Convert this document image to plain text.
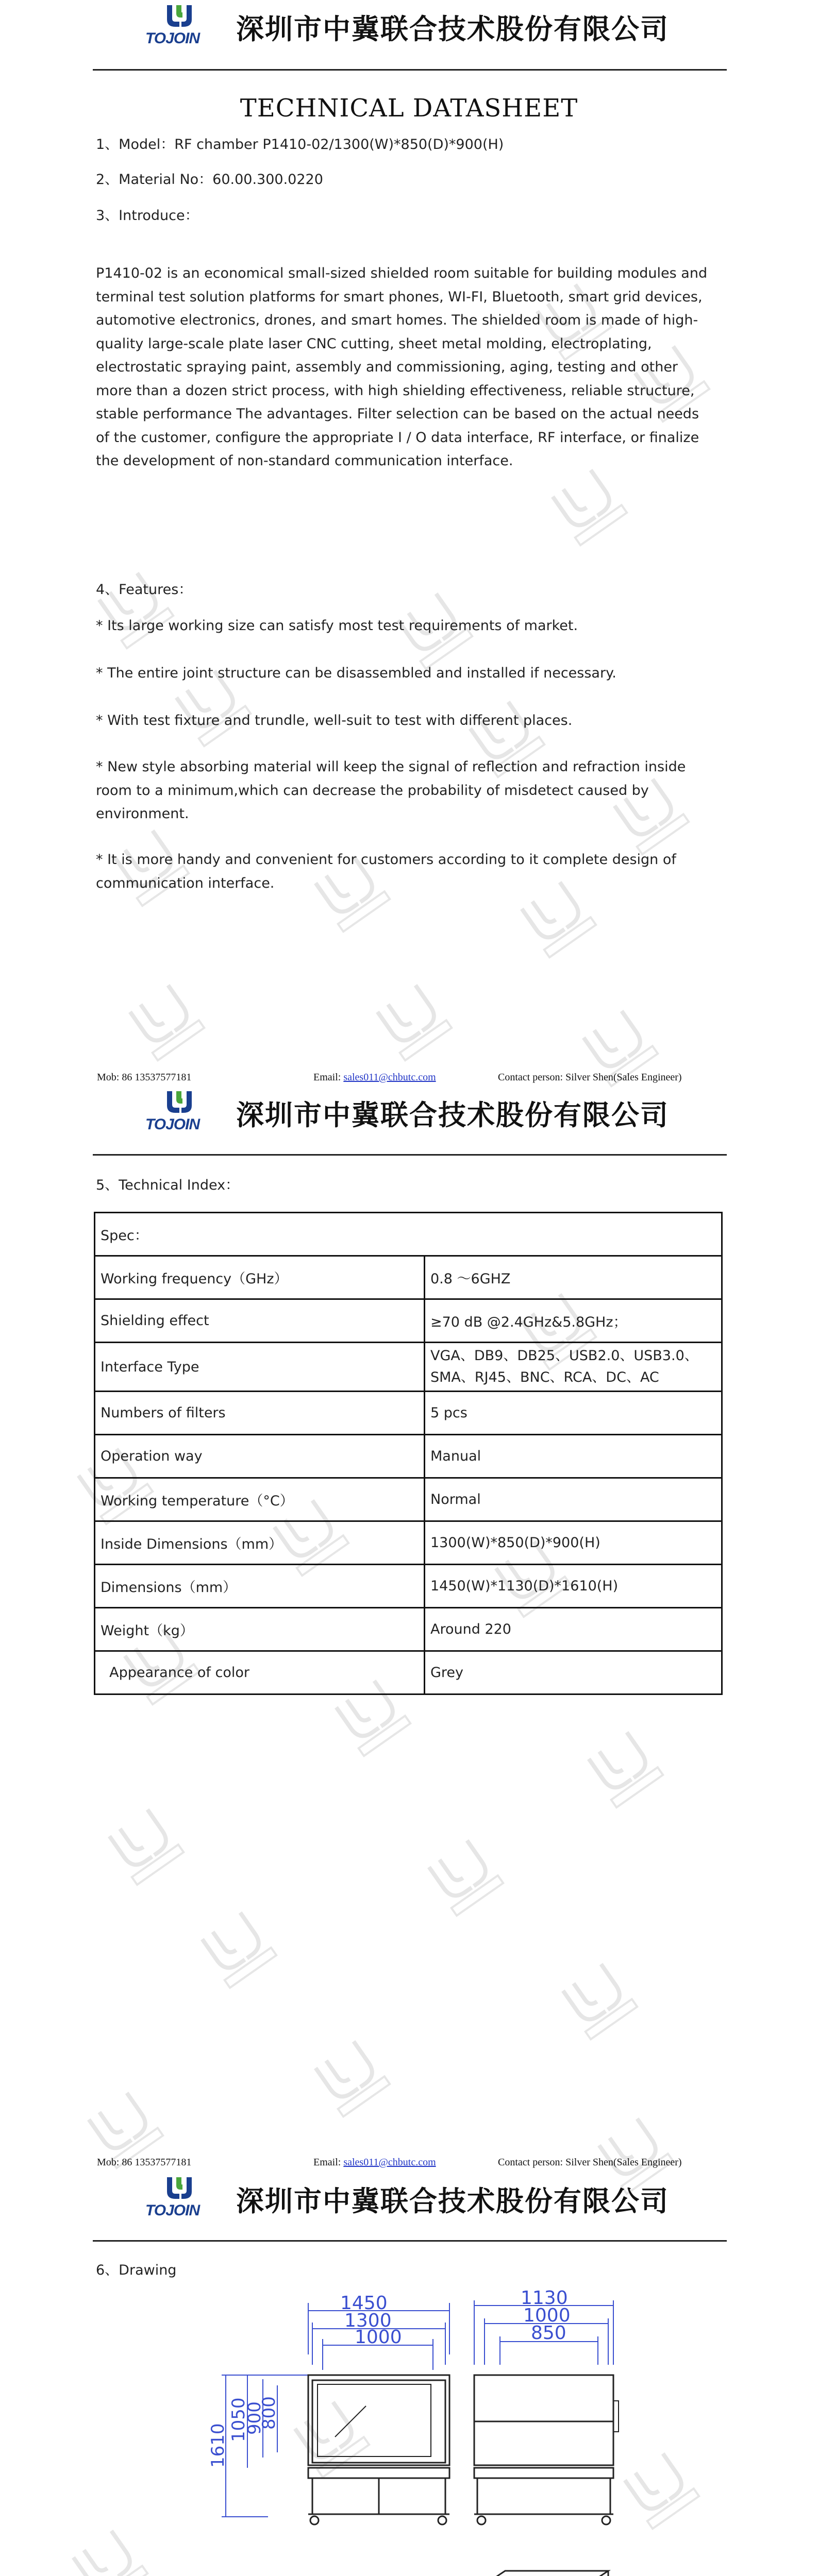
TOJOIN 深圳市中冀联合技术股份有限公司
TECHNICAL DATASHEET
1、Model：RF chamber P1410-02/1300(W)*850(D)*900(H)
2、Material No：60.00.300.0220
3、Introduce：
P1410-02 is an economical small-sized shielded room suitable for building modules and terminal test solution platforms for smart phones, WI-FI, Bluetooth, smart grid devices, automotive electronics, drones, and smart homes. The shielded room is made of high-quality large-scale plate laser CNC cutting, sheet metal molding, electroplating, electrostatic spraying paint, assembly and commissioning, aging, testing and other more than a dozen strict process, with high shielding effectiveness, reliable structure, stable performance The advantages. Filter selection can be based on the actual needs of the customer, configure the appropriate I / O data interface, RF interface, or finalize the development of non-standard communication interface.
4、Features：
* Its large working size can satisfy most test requirements of market.
* The entire joint structure can be disassembled and installed if necessary.
* With test fixture and trundle, well-suit to test with different places.
* New style absorbing material will keep the signal of reflection and refraction inside room to a minimum,which can decrease the probability of misdetect caused by environment.
* It is more handy and convenient for customers according to it complete design of communication interface.
Mob: 86 13537577181	Email: sales011@chbutc.com	Contact person: Silver Shen(Sales Engineer)
TOJOIN 深圳市中冀联合技术股份有限公司
5、Technical Index：
Spec：	
Working frequency（GHz）	0.8 ～6GHZ
Shielding effect	≥70 dB @2.4GHz&5.8GHz；
Interface Type	VGA、DB9、DB25、USB2.0、USB3.0、SMA、RJ45、BNC、RCA、DC、AC
Numbers of filters	5 pcs
Operation way	Manual
Working temperature（°C）	Normal
Inside Dimensions（mm）	1300(W)*850(D)*900(H)
Dimensions（mm）	1450(W)*1130(D)*1610(H)
Weight（kg）	Around 220
Appearance of color	Grey
Mob: 86 13537577181	Email: sales011@chbutc.com	Contact person: Silver Shen(Sales Engineer)
TOJOIN 深圳市中冀联合技术股份有限公司
6、Drawing
1450
1300
1000
1130
1000
850
1610
1050
900
800
